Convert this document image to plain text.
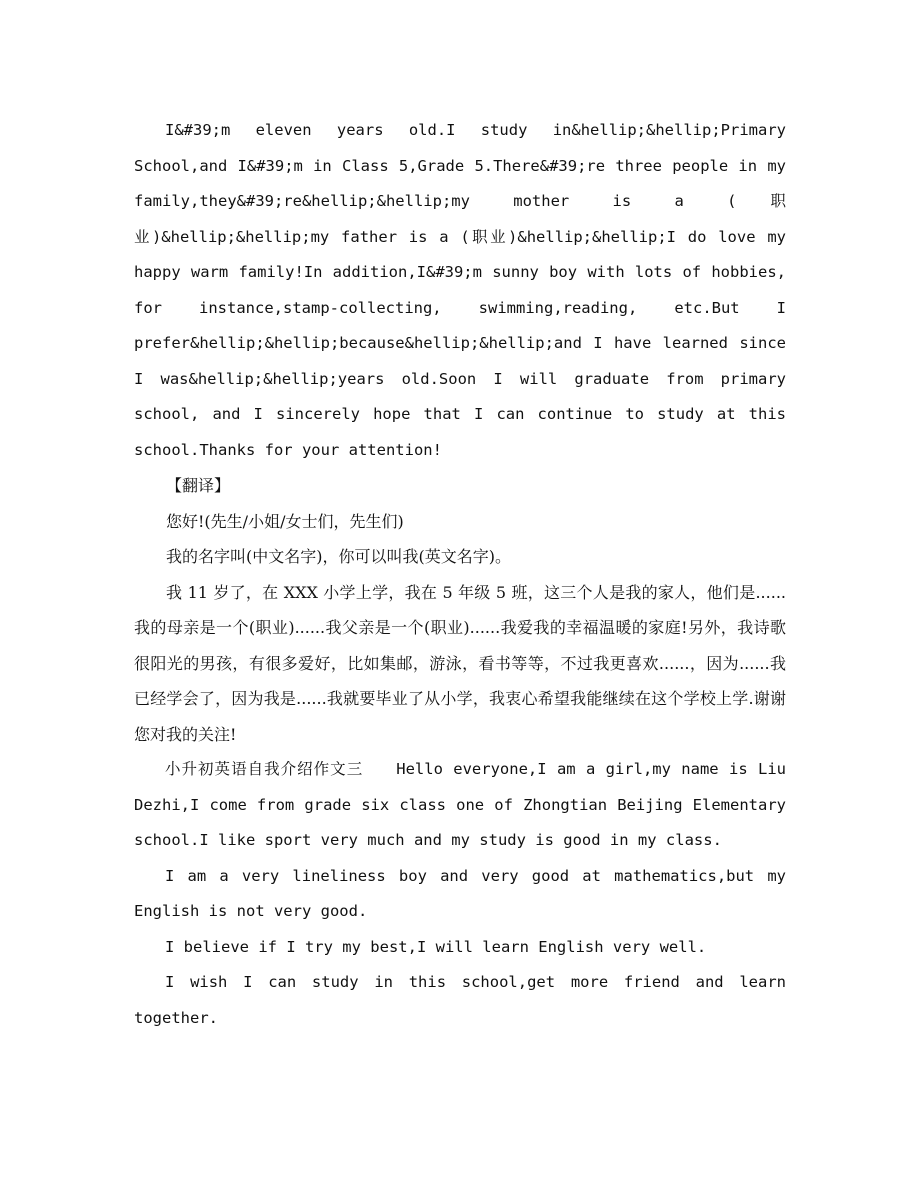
I&#39;m eleven years old.I study in&hellip;&hellip;Primary School,and I&#39;m in Class 5,Grade 5.There&#39;re three people in my family,they&#39;re&hellip;&hellip;my mother is a (职业)&hellip;&hellip;my father is a (职业)&hellip;&hellip;I do love my happy warm family!In addition,I&#39;m sunny boy with lots of hobbies, for instance,stamp-collecting, swimming,reading, etc.But I prefer&hellip;&hellip;because&hellip;&hellip;and I have learned since I was&hellip;&hellip;years old.Soon I will graduate from primary school, and I sincerely hope that I can continue to study at this school.Thanks for your attention!

【翻译】

您好!(先生/小姐/女士们，先生们)

我的名字叫(中文名字)，你可以叫我(英文名字)。

我 11 岁了，在 XXX 小学上学，我在 5 年级 5 班，这三个人是我的家人，他们是......我的母亲是一个(职业)......我父亲是一个(职业)......我爱我的幸福温暖的家庭!另外，我诗歌很阳光的男孩，有很多爱好，比如集邮，游泳，看书等等，不过我更喜欢......，因为......我已经学会了，因为我是......我就要毕业了从小学，我衷心希望我能继续在这个学校上学.谢谢您对我的关注!

小升初英语自我介绍作文三　　Hello everyone,I am a girl,my name is Liu Dezhi,I come from grade six class one of Zhongtian Beijing Elementary school.I like sport very much and my study is good in my class.

I am a very lineliness boy and very good at mathematics,but my English is not very good.

I believe if I try my best,I will learn English very well.

I wish I can study in this school,get more friend and learn together.
